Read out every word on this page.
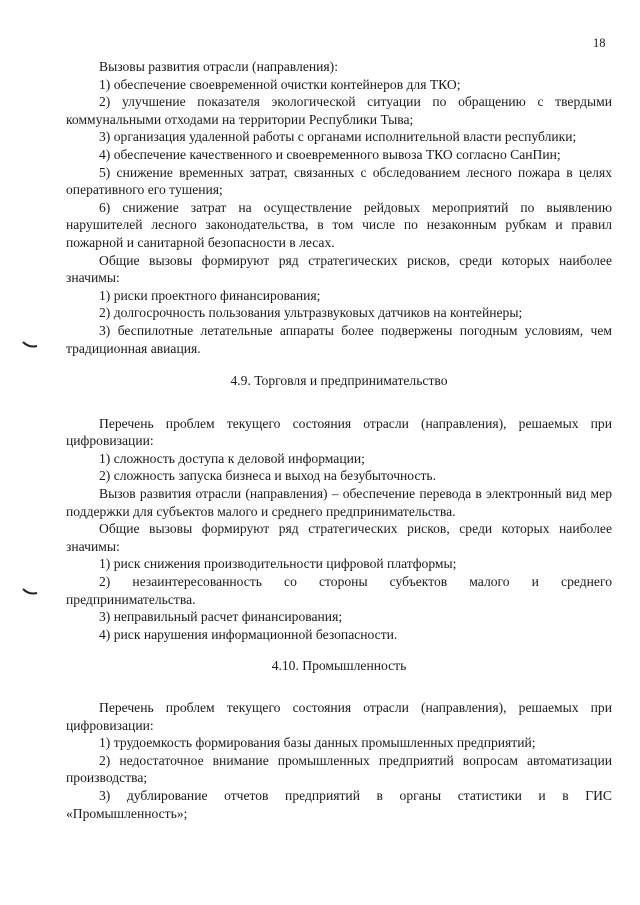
18

Вызовы развития отрасли (направления):

1) обеспечение своевременной очистки контейнеров для ТКО;

2) улучшение показателя экологической ситуации по обращению с твердыми коммунальными отходами на территории Республики Тыва;

3) организация удаленной работы с органами исполнительной власти республики;

4) обеспечение качественного и своевременного вывоза ТКО согласно СанПин;

5) снижение временных затрат, связанных с обследованием лесного пожара в целях оперативного его тушения;

6) снижение затрат на осуществление рейдовых мероприятий по выявлению нарушителей лесного законодательства, в том числе по незаконным рубкам и правил пожарной и санитарной безопасности в лесах.

Общие вызовы формируют ряд стратегических рисков, среди которых наиболее значимы:

1) риски проектного финансирования;

2) долгосрочность пользования ультразвуковых датчиков на контейнеры;

3) беспилотные летательные аппараты более подвержены погодным условиям, чем традиционная авиация.

4.9. Торговля и предпринимательство

Перечень проблем текущего состояния отрасли (направления), решаемых при цифровизации:

1) сложность доступа к деловой информации;

2) сложность запуска бизнеса и выход на безубыточность.

Вызов развития отрасли (направления) – обеспечение перевода в электронный вид мер поддержки для субъектов малого и среднего предпринимательства.

Общие вызовы формируют ряд стратегических рисков, среди которых наиболее значимы:

1) риск снижения производительности цифровой платформы;

2) незаинтересованность со стороны субъектов малого и среднего предпринимательства.

3) неправильный расчет финансирования;

4) риск нарушения информационной безопасности.

4.10. Промышленность

Перечень проблем текущего состояния отрасли (направления), решаемых при цифровизации:

1) трудоемкость формирования базы данных промышленных предприятий;

2) недостаточное внимание промышленных предприятий вопросам автоматизации производства;

3) дублирование отчетов предприятий в органы статистики и в ГИС «Промышленность»;
